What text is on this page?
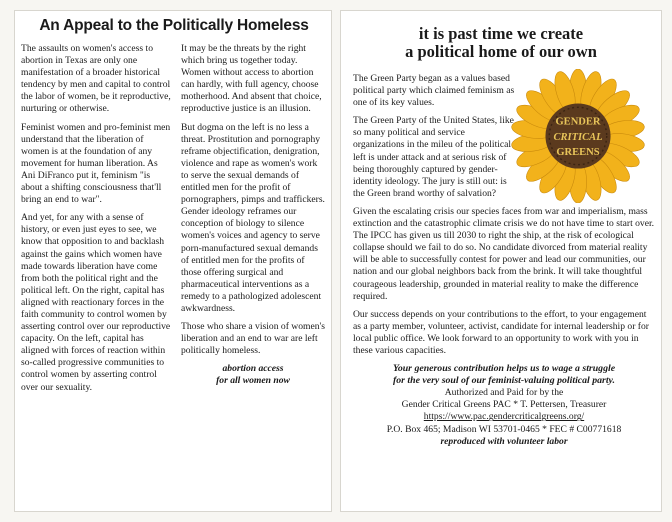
An Appeal to the Politically Homeless

The assaults on women's access to abortion in Texas are only one manifestation of a broader historical tendency by men and capital to control the labor of women, be it reproductive, nurturing or otherwise.

Feminist women and pro-feminist men understand that the liberation of women is at the foundation of any movement for human liberation. As Ani DiFranco put it, feminism "is about a shifting consciousness that'll bring an end to war".

And yet, for any with a sense of history, or even just eyes to see, we know that opposition to and backlash against the gains which women have made towards liberation have come from both the political right and the political left. On the right, capital has aligned with reactionary forces in the faith community to control women by asserting control over our reproductive capacity. On the left, capital has aligned with forces of reaction within so-called progressive communities to control women by asserting control over our sexuality.

It may be the threats by the right which bring us together today. Women without access to abortion can hardly, with full agency, choose motherhood. And absent that choice, reproductive justice is an illusion.

But dogma on the left is no less a threat. Prostitution and pornography reframe objectification, denigration, violence and rape as women's work to serve the sexual demands of entitled men for the profit of pornographers, pimps and traffickers. Gender ideology reframes our conception of biology to silence women's voices and agency to serve porn-manufactured sexual demands of entitled men for the profits of those offering surgical and pharmaceutical interventions as a remedy to a pathologized adolescent awkwardness.

Those who share a vision of women's liberation and an end to war are left politically homeless.

abortion access
for all women now

it is past time we create
a political home of our own
GENDER
CRITICAL
GREENS

The Green Party began as a values based political party which claimed feminism as one of its key values.

The Green Party of the United States, like so many political and service organizations in the mileu of the political left is under attack and at serious risk of being thoroughly captured by gender-identity ideology. The jury is still out: is the Green brand worthy of salvation?

Given the escalating crisis our species faces from war and imperialism, mass extinction and the catastrophic climate crisis we do not have time to start over. The IPCC has given us till 2030 to right the ship, at the risk of ecological collapse should we fail to do so. No candidate divorced from material reality will be able to successfully contest for power and lead our communities, our nation and our global neighbors back from the brink. It will take thoughtful courageous leadership, grounded in material reality to make the difference required.

Our success depends on your contributions to the effort, to your engagement as a party member, volunteer, activist, candidate for internal leadership or for local public office. We look forward to an opportunity to work with you in these various capacities.

Your generous contribution helps us to wage a struggle
for the very soul of our feminist-valuing political party.

Authorized and Paid for by the

Gender Critical Greens PAC * T. Pettersen, Treasurer

https://www.pac.gendercriticalgreens.org/

P.O. Box 465; Madison WI 53701-0465 * FEC # C00771618

reproduced with volunteer labor
